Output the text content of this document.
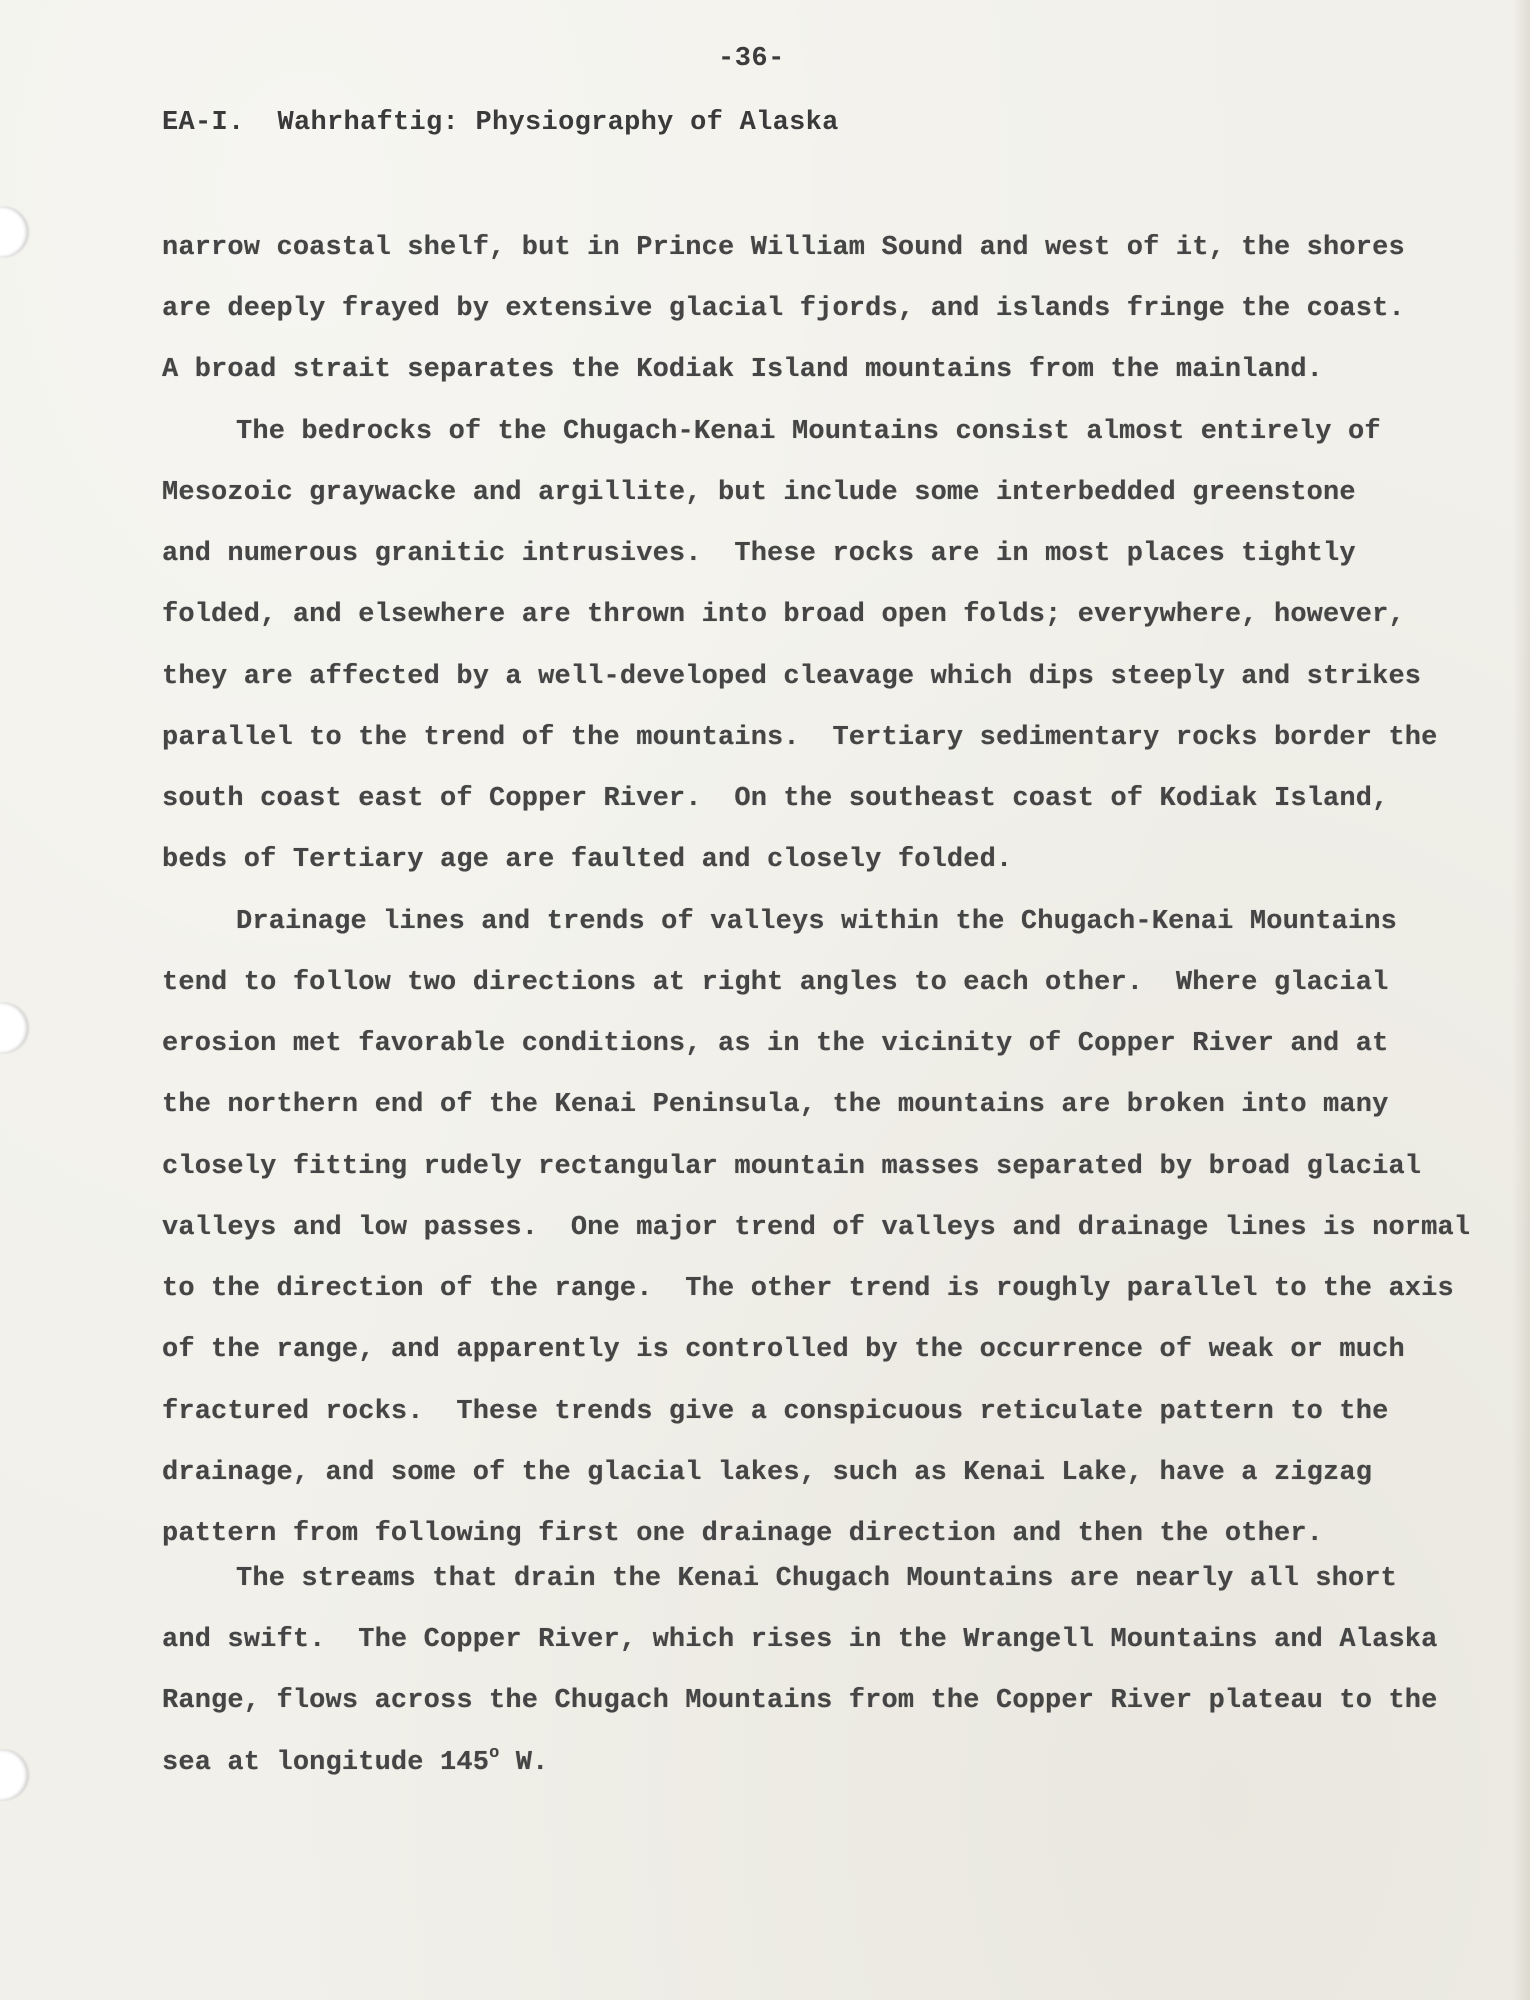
-36-
EA-I.  Wahrhaftig: Physiography of Alaska
narrow coastal shelf, but in Prince William Sound and west of it, the shores
are deeply frayed by extensive glacial fjords, and islands fringe the coast.
A broad strait separates the Kodiak Island mountains from the mainland.
The bedrocks of the Chugach-Kenai Mountains consist almost entirely of
Mesozoic graywacke and argillite, but include some interbedded greenstone
and numerous granitic intrusives.  These rocks are in most places tightly
folded, and elsewhere are thrown into broad open folds; everywhere, however,
they are affected by a well-developed cleavage which dips steeply and strikes
parallel to the trend of the mountains.  Tertiary sedimentary rocks border the
south coast east of Copper River.  On the southeast coast of Kodiak Island,
beds of Tertiary age are faulted and closely folded.
Drainage lines and trends of valleys within the Chugach-Kenai Mountains
tend to follow two directions at right angles to each other.  Where glacial
erosion met favorable conditions, as in the vicinity of Copper River and at
the northern end of the Kenai Peninsula, the mountains are broken into many
closely fitting rudely rectangular mountain masses separated by broad glacial
valleys and low passes.  One major trend of valleys and drainage lines is normal
to the direction of the range.  The other trend is roughly parallel to the axis
of the range, and apparently is controlled by the occurrence of weak or much
fractured rocks.  These trends give a conspicuous reticulate pattern to the
drainage, and some of the glacial lakes, such as Kenai Lake, have a zigzag
pattern from following first one drainage direction and then the other.
The streams that drain the Kenai Chugach Mountains are nearly all short
and swift.  The Copper River, which rises in the Wrangell Mountains and Alaska
Range, flows across the Chugach Mountains from the Copper River plateau to the
sea at longitude 145$^o$ W.
